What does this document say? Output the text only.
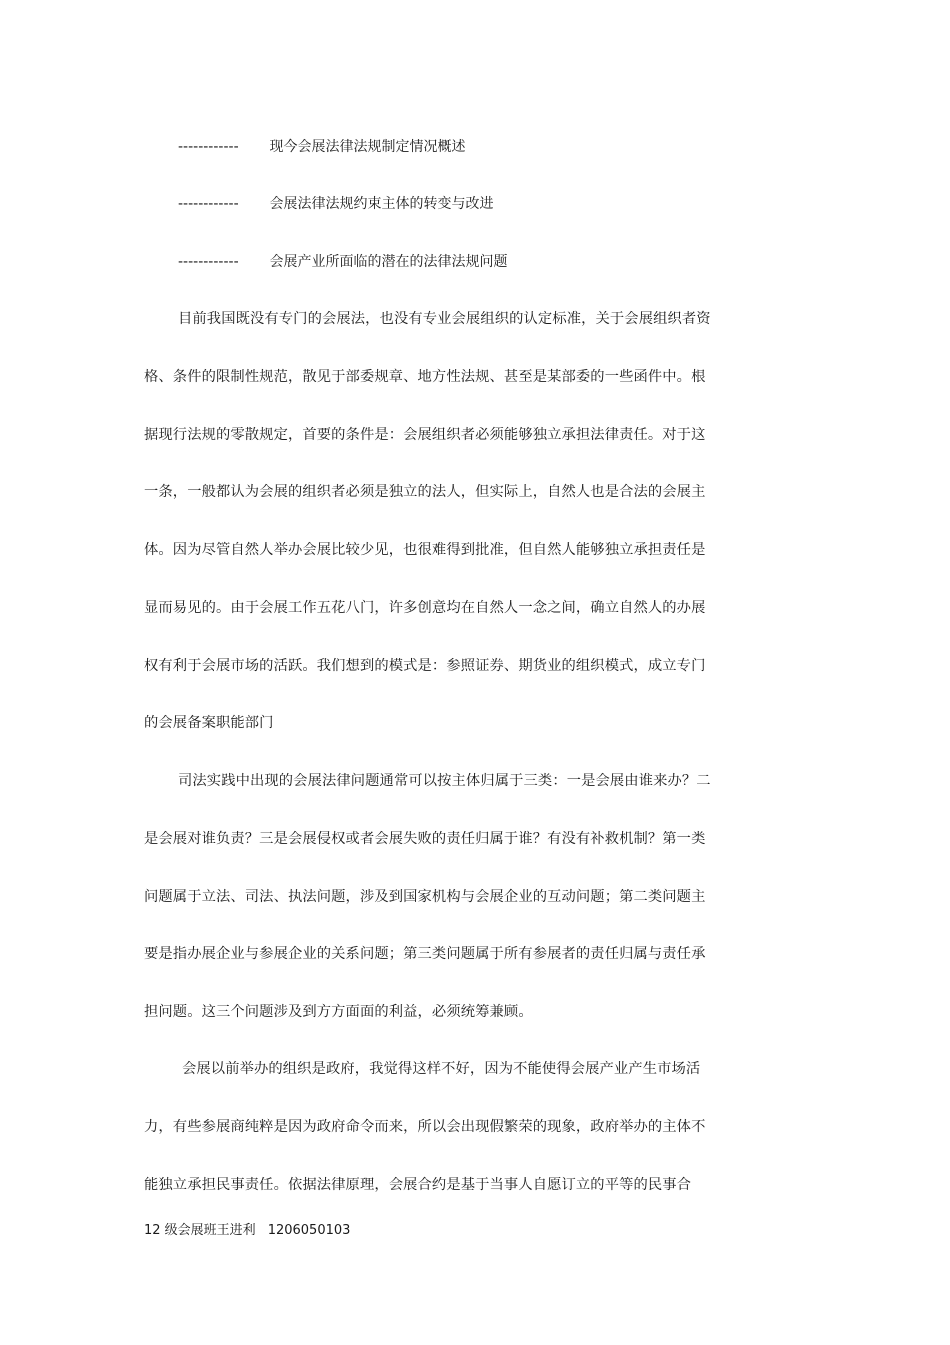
------------ 现今会展法律法规制定情况概述
------------ 会展法律法规约束主体的转变与改进
------------ 会展产业所面临的潜在的法律法规问题
目前我国既没有专门的会展法，也没有专业会展组织的认定标准，关于会展组织者资
格、条件的限制性规范，散见于部委规章、地方性法规、甚至是某部委的一些函件中。根
据现行法规的零散规定，首要的条件是：会展组织者必须能够独立承担法律责任。对于这
一条，一般都认为会展的组织者必须是独立的法人，但实际上，自然人也是合法的会展主
体。因为尽管自然人举办会展比较少见，也很难得到批准，但自然人能够独立承担责任是
显而易见的。由于会展工作五花八门，许多创意均在自然人一念之间，确立自然人的办展
权有利于会展市场的活跃。我们想到的模式是：参照证券、期货业的组织模式，成立专门
的会展备案职能部门
司法实践中出现的会展法律问题通常可以按主体归属于三类：一是会展由谁来办？二
是会展对谁负责？三是会展侵权或者会展失败的责任归属于谁？有没有补救机制？第一类
问题属于立法、司法、执法问题，涉及到国家机构与会展企业的互动问题；第二类问题主
要是指办展企业与参展企业的关系问题；第三类问题属于所有参展者的责任归属与责任承
担问题。这三个问题涉及到方方面面的利益，必须统筹兼顾。
会展以前举办的组织是政府，我觉得这样不好，因为不能使得会展产业产生市场活
力，有些参展商纯粹是因为政府命令而来，所以会出现假繁荣的现象，政府举办的主体不
能独立承担民事责任。依据法律原理，会展合约是基于当事人自愿订立的平等的民事合
12 级会展班王进利 1206050103
